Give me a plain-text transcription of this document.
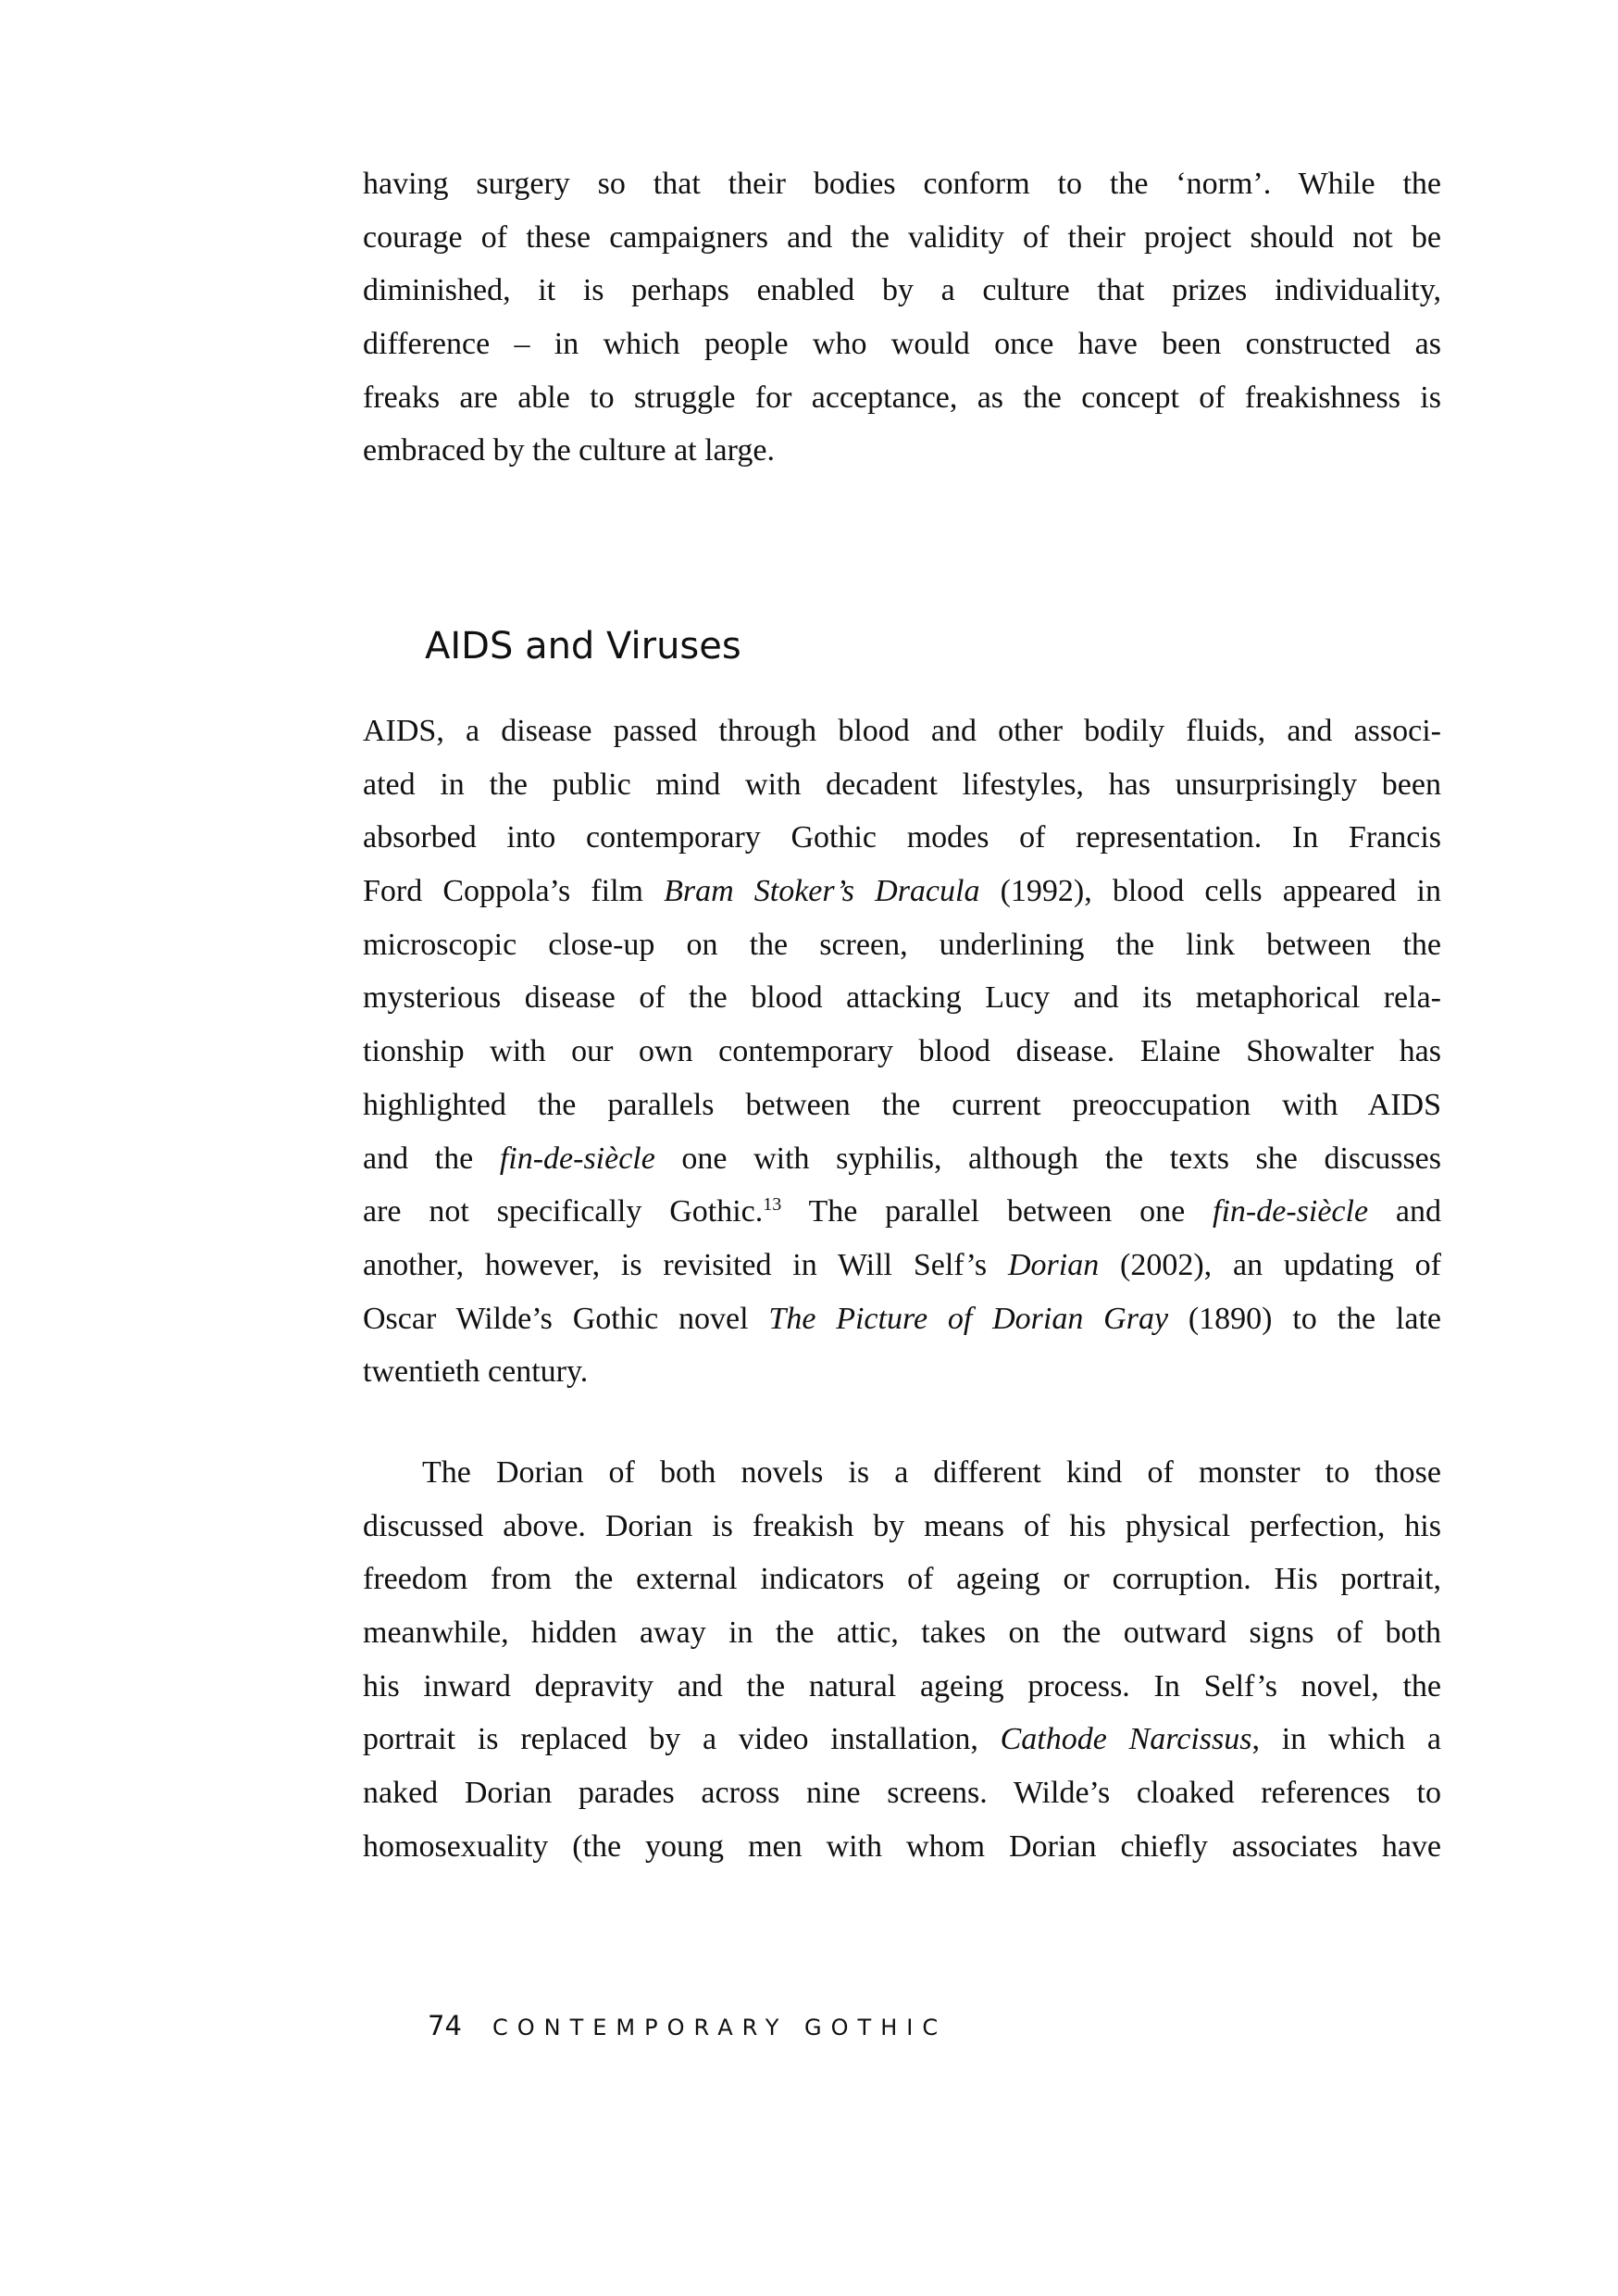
having surgery so that their bodies conform to the ‘norm’. While the
courage of these campaigners and the validity of their project should not be
diminished, it is perhaps enabled by a culture that prizes individuality,
difference – in which people who would once have been constructed as
freaks are able to struggle for acceptance, as the concept of freakishness is
embraced by the culture at large.
AIDS and Viruses
AIDS, a disease passed through blood and other bodily fluids, and associ-
ated in the public mind with decadent lifestyles, has unsurprisingly been
absorbed into contemporary Gothic modes of representation. In Francis
Ford Coppola’s film Bram Stoker’s Dracula (1992), blood cells appeared in
microscopic close-up on the screen, underlining the link between the
mysterious disease of the blood attacking Lucy and its metaphorical rela-
tionship with our own contemporary blood disease. Elaine Showalter has
highlighted the parallels between the current preoccupation with AIDS
and the fin-de-siècle one with syphilis, although the texts she discusses
are not specifically Gothic.$^{13}$ The parallel between one fin-de-siècle and
another, however, is revisited in Will Self’s Dorian (2002), an updating of
Oscar Wilde’s Gothic novel The Picture of Dorian Gray (1890) to the late
twentieth century.
The Dorian of both novels is a different kind of monster to those
discussed above. Dorian is freakish by means of his physical perfection, his
freedom from the external indicators of ageing or corruption. His portrait,
meanwhile, hidden away in the attic, takes on the outward signs of both
his inward depravity and the natural ageing process. In Self’s novel, the
portrait is replaced by a video installation, Cathode Narcissus, in which a
naked Dorian parades across nine screens. Wilde’s cloaked references to
homosexuality (the young men with whom Dorian chiefly associates have
74 CONTEMPORARY GOTHIC
